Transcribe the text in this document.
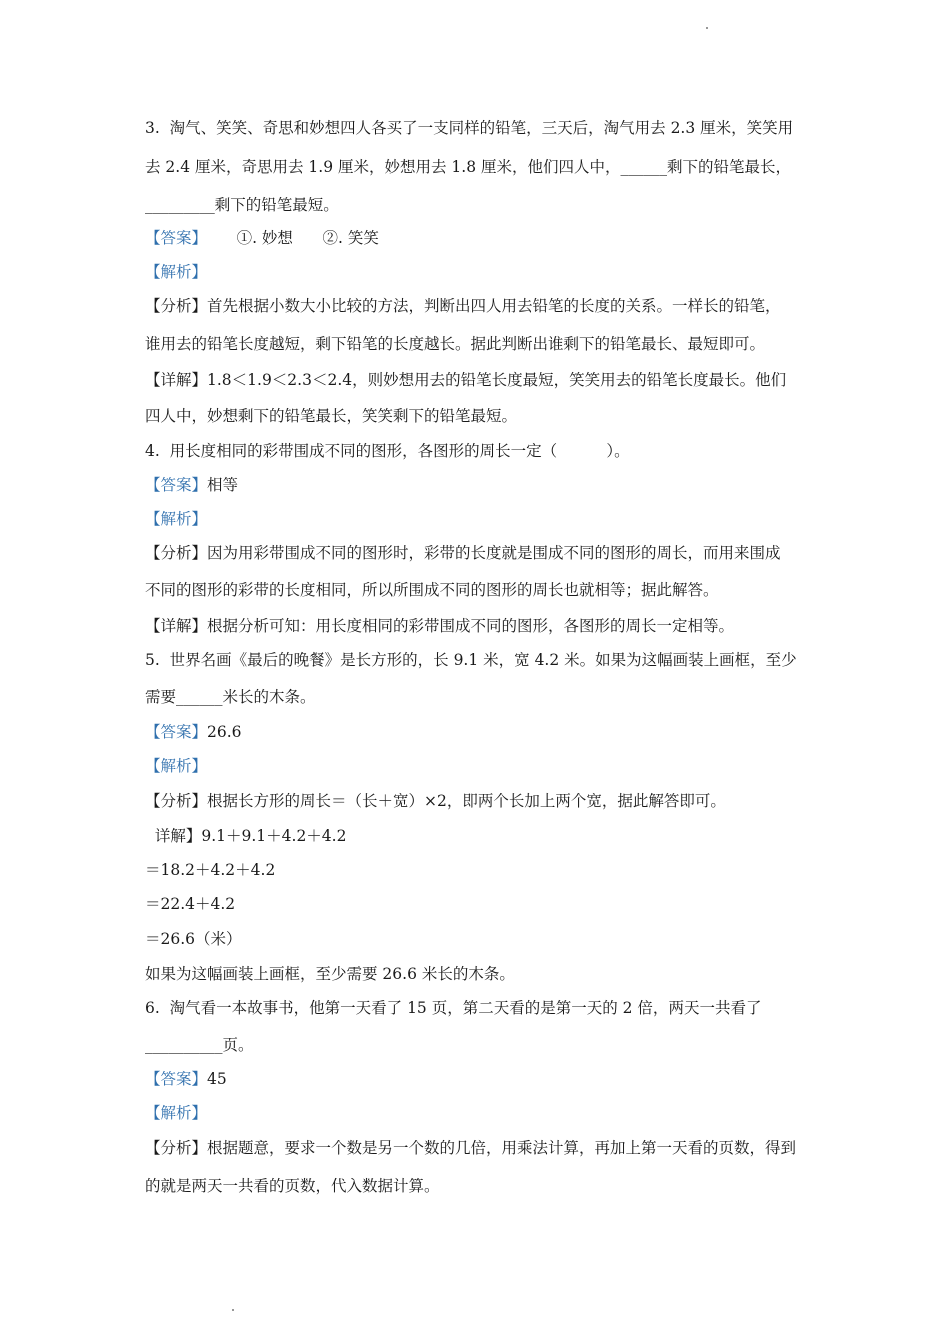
3.  淘气、笑笑、奇思和妙想四人各买了一支同样的铅笔，三天后，淘气用去 2.3 厘米，笑笑用
去 2.4 厘米，奇思用去 1.9 厘米，妙想用去 1.8 厘米，他们四人中，______剩下的铅笔最长，
_________剩下的铅笔最短。
【答案】      ①. 妙想      ②. 笑笑
【解析】
【分析】首先根据小数大小比较的方法，判断出四人用去铅笔的长度的关系。一样长的铅笔，
谁用去的铅笔长度越短，剩下铅笔的长度越长。据此判断出谁剩下的铅笔最长、最短即可。
【详解】1.8＜1.9＜2.3＜2.4，则妙想用去的铅笔长度最短，笑笑用去的铅笔长度最长。他们
四人中，妙想剩下的铅笔最长，笑笑剩下的铅笔最短。
4.  用长度相同的彩带围成不同的图形，各图形的周长一定（          ）。
【答案】相等
【解析】
【分析】因为用彩带围成不同的图形时，彩带的长度就是围成不同的图形的周长，而用来围成
不同的图形的彩带的长度相同，所以所围成不同的图形的周长也就相等；据此解答。
【详解】根据分析可知：用长度相同的彩带围成不同的图形，各图形的周长一定相等。
5.  世界名画《最后的晚餐》是长方形的，长 9.1 米，宽 4.2 米。如果为这幅画装上画框，至少
需要______米长的木条。
【答案】26.6
【解析】
【分析】根据长方形的周长＝（长＋宽）×2，即两个长加上两个宽，据此解答即可。
详解】9.1＋9.1＋4.2＋4.2
＝18.2＋4.2＋4.2
＝22.4＋4.2
＝26.6（米）
如果为这幅画装上画框，至少需要 26.6 米长的木条。
6.  淘气看一本故事书，他第一天看了 15 页，第二天看的是第一天的 2 倍，两天一共看了
__________页。
【答案】45
【解析】
【分析】根据题意，要求一个数是另一个数的几倍，用乘法计算，再加上第一天看的页数，得到
的就是两天一共看的页数，代入数据计算。
